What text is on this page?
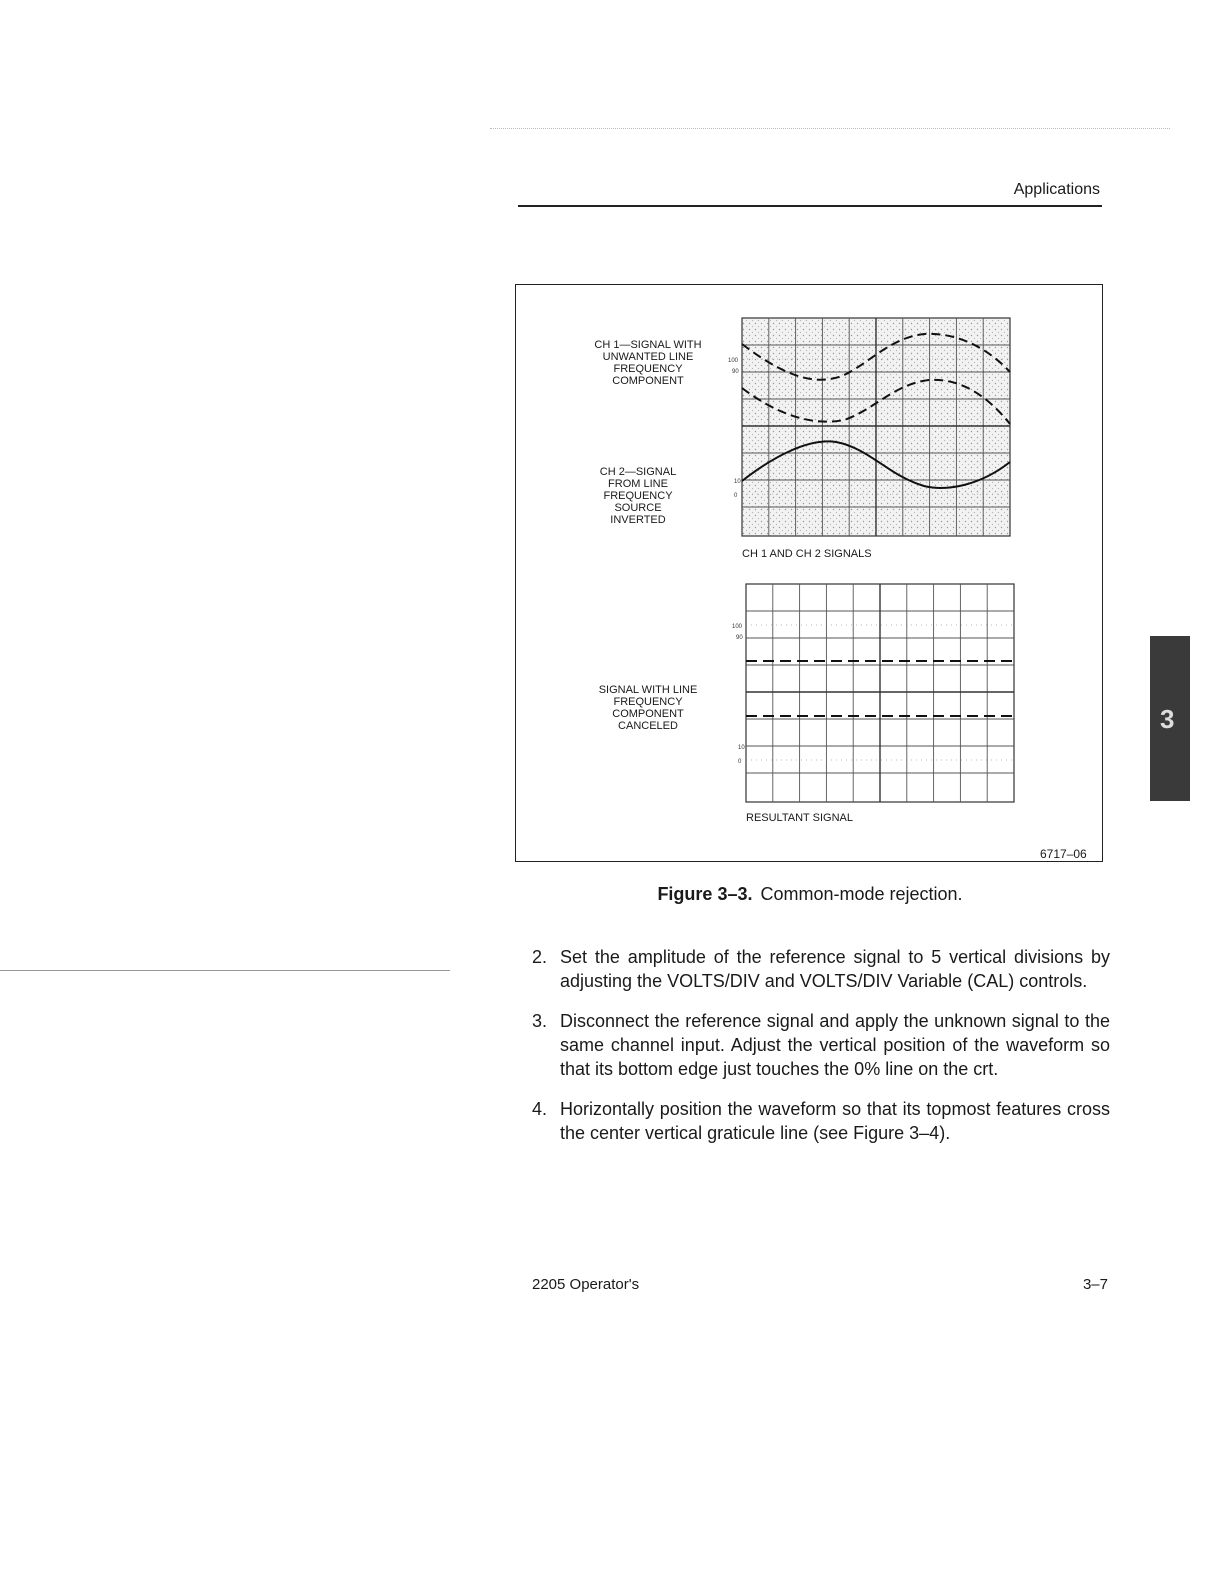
Applications
CH 1—SIGNAL WITH UNWANTED LINE FREQUENCY COMPONENT
CH 2—SIGNAL FROM LINE FREQUENCY SOURCE INVERTED
SIGNAL WITH LINE FREQUENCY COMPONENT CANCELED
100
90
10
0
CH 1 AND CH 2 SIGNALS
100
90
10
0
RESULTANT SIGNAL
6717–06
Figure 3–3. Common-mode rejection.
2. Set the amplitude of the reference signal to 5 vertical divisions by adjusting the VOLTS/DIV and VOLTS/DIV Variable (CAL) controls.
3. Disconnect the reference signal and apply the unknown signal to the same channel input. Adjust the vertical position of the waveform so that its bottom edge just touches the 0% line on the crt.
4. Horizontally position the waveform so that its topmost features cross the center vertical graticule line (see Figure 3–4).
2205 Operator's	3–7
3
